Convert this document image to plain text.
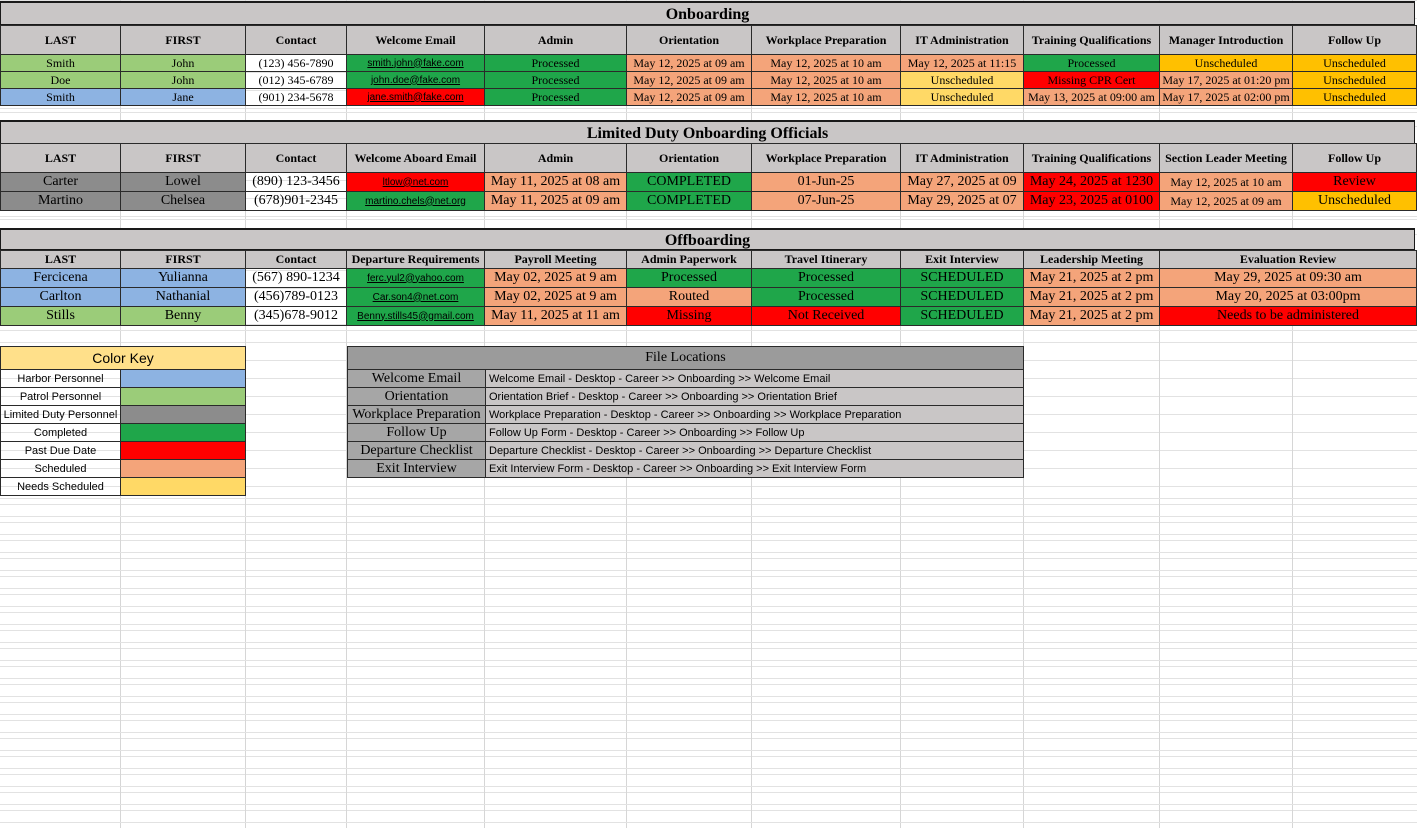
Onboarding
LAST	FIRST	Contact	Welcome Email	Admin	Orientation	Workplace Preparation	IT Administration	Training Qualifications	Manager Introduction	Follow Up
Smith	John	(123) 456-7890	smith.john@fake.com	Processed	May 12, 2025 at 09 am	May 12, 2025 at 10 am	May 12, 2025 at 11:15	Processed	Unscheduled	Unscheduled
Doe	John	(012) 345-6789	john.doe@fake.com	Processed	May 12, 2025 at 09 am	May 12, 2025 at 10 am	Unscheduled	Missing CPR Cert	May 17, 2025 at 01:20 pm	Unscheduled
Smith	Jane	(901) 234-5678	jane.smith@fake.com	Processed	May 12, 2025 at 09 am	May 12, 2025 at 10 am	Unscheduled	May 13, 2025 at 09:00 am	May 17, 2025 at 02:00 pm	Unscheduled
Limited Duty Onboarding Officials
LAST	FIRST	Contact	Welcome Aboard Email	Admin	Orientation	Workplace Preparation	IT Administration	Training Qualifications	Section Leader Meeting	Follow Up
Carter	Lowel	(890) 123-3456	ltlow@net.com	May 11, 2025 at 08 am	COMPLETED	01-Jun-25	May 27, 2025 at 09	May 24, 2025 at 1230	May 12, 2025 at 10 am	Review
Martino	Chelsea	(678)901-2345	martino.chels@net.org	May 11, 2025 at 09 am	COMPLETED	07-Jun-25	May 29, 2025 at 07	May 23, 2025 at 0100	May 12, 2025 at 09 am	Unscheduled
Offboarding
LAST	FIRST	Contact	Departure Requirements	Payroll Meeting	Admin Paperwork	Travel Itinerary	Exit Interview	Leadership Meeting	Evaluation Review
Fercicena	Yulianna	(567) 890-1234	ferc.yul2@yahoo.com	May 02, 2025 at 9 am	Processed	Processed	SCHEDULED	May 21, 2025 at 2 pm	May 29, 2025 at 09:30 am
Carlton	Nathanial	(456)789-0123	Car.son4@net.com	May 02, 2025 at 9 am	Routed	Processed	SCHEDULED	May 21, 2025 at 2 pm	May 20, 2025 at 03:00pm
Stills	Benny	(345)678-9012	Benny.stills45@gmail.com	May 11, 2025 at 11 am	Missing	Not Received	SCHEDULED	May 21, 2025 at 2 pm	Needs to be administered
Color Key	
Harbor Personnel	
Patrol Personnel	
Limited Duty Personnel	
Completed	
Past Due Date	
Scheduled	
Needs Scheduled	
File Locations	
Welcome Email	Welcome Email - Desktop - Career >> Onboarding >> Welcome Email
Orientation	Orientation Brief - Desktop - Career >> Onboarding >> Orientation Brief
Workplace Preparation	Workplace Preparation - Desktop - Career >> Onboarding >> Workplace Preparation
Follow Up	Follow Up Form - Desktop - Career >> Onboarding >> Follow Up
Departure Checklist	Departure Checklist - Desktop - Career >> Onboarding >> Departure Checklist
Exit Interview	Exit Interview Form - Desktop - Career >> Onboarding >> Exit Interview Form
